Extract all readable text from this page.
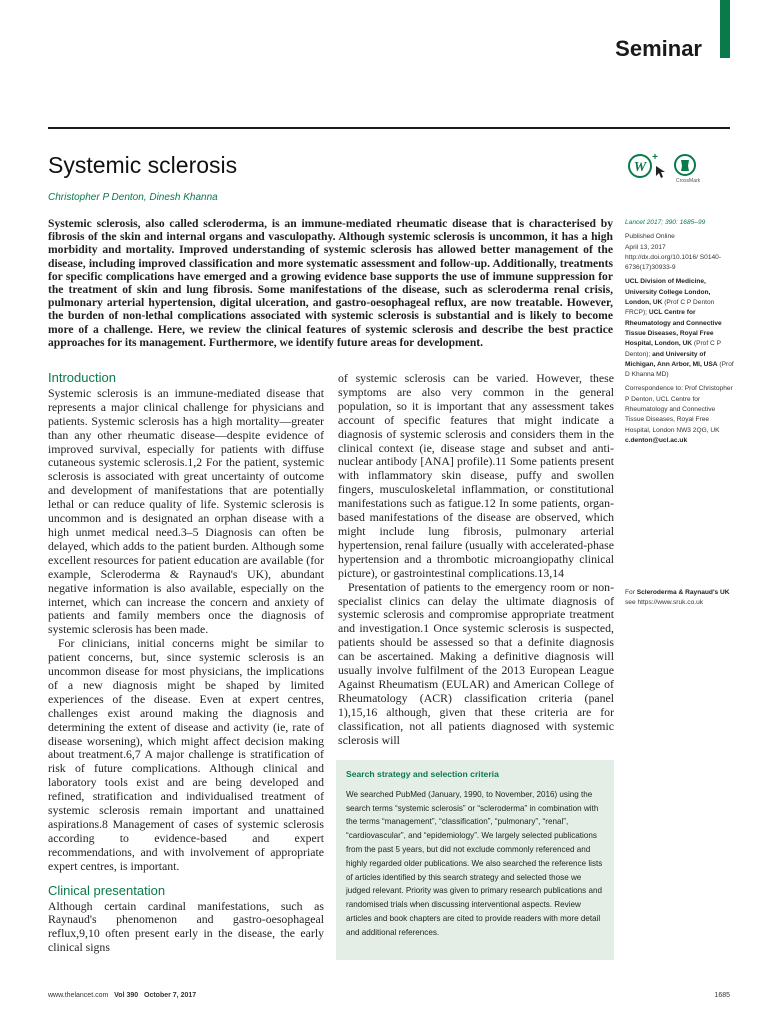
Seminar
Systemic sclerosis
Christopher P Denton, Dinesh Khanna
W
+
CrossMark
Systemic sclerosis, also called scleroderma, is an immune-mediated rheumatic disease that is characterised by fibrosis of the skin and internal organs and vasculopathy. Although systemic sclerosis is uncommon, it has a high morbidity and mortality. Improved understanding of systemic sclerosis has allowed better management of the disease, including improved classification and more systematic assessment and follow-up. Additionally, treatments for specific complications have emerged and a growing evidence base supports the use of immune suppression for the treatment of skin and lung fibrosis. Some manifestations of the disease, such as scleroderma renal crisis, pulmonary arterial hypertension, digital ulceration, and gastro-oesophageal reflux, are now treatable. However, the burden of non-lethal complications associated with systemic sclerosis is substantial and is likely to become more of a challenge. Here, we review the clinical features of systemic sclerosis and describe the best practice approaches for its management. Furthermore, we identify future areas for development.
Introduction

Systemic sclerosis is an immune-mediated disease that represents a major clinical challenge for physicians and patients. Systemic sclerosis has a high mortality—greater than any other rheumatic disease—despite evidence of improved survival, especially for patients with diffuse cutaneous systemic sclerosis.1,2 For the patient, systemic sclerosis is associated with great uncertainty of outcome and development of manifestations that are potentially lethal or can reduce quality of life. Systemic sclerosis is uncommon and is designated an orphan disease with a high unmet medical need.3–5 Diagnosis can often be delayed, which adds to the patient burden. Although some excellent resources for patient education are available (for example, Scleroderma & Raynaud's UK), abundant negative information is also available, especially on the internet, which can increase the concern and anxiety of patients and family members once the diagnosis of systemic sclerosis has been made.

For clinicians, initial concerns might be similar to patient concerns, but, since systemic sclerosis is an uncommon disease for most physicians, the implications of a new diagnosis might be shaped by limited experiences of the disease. Even at expert centres, challenges exist around making the diagnosis and determining the extent of disease and activity (ie, rate of disease worsening), which might affect decision making about treatment.6,7 A major challenge is stratification of risk of future complications. Although clinical and laboratory tools exist and are being developed and refined, stratification and individualised treatment of systemic sclerosis remain important and unattained aspirations.8 Management of cases of systemic sclerosis according to evidence-based and expert recommendations, and with involvement of appropriate expert centres, is important.

Clinical presentation

Although certain cardinal manifestations, such as Raynaud's phenomenon and gastro-oesophageal reflux,9,10 often present early in the disease, the early clinical signs

of systemic sclerosis can be varied. However, these symptoms are also very common in the general population, so it is important that any assessment takes account of specific features that might indicate a diagnosis of systemic sclerosis and considers them in the clinical context (ie, disease stage and subset and anti-nuclear antibody [ANA] profile).11 Some patients present with inflammatory skin disease, puffy and swollen fingers, musculoskeletal inflammation, or constitutional manifestations such as fatigue.12 In some patients, organ-based manifestations of the disease are observed, which might include lung fibrosis, pulmonary arterial hypertension, renal failure (usually with accelerated-phase hypertension and a thrombotic microangiopathy clinical picture), or gastrointestinal complications.13,14

Presentation of patients to the emergency room or non-specialist clinics can delay the ultimate diagnosis of systemic sclerosis and compromise appropriate treatment and investigation.1 Once systemic sclerosis is suspected, patients should be assessed so that a definite diagnosis can be ascertained. Making a definitive diagnosis will usually involve fulfilment of the 2013 European League Against Rheumatism (EULAR) and American College of Rheumatology (ACR) classification criteria (panel 1),15,16 although, given that these criteria are for classification, not all patients diagnosed with systemic sclerosis will

Search strategy and selection criteria

We searched PubMed (January, 1990, to November, 2016) using the search terms “systemic sclerosis” or “scleroderma” in combination with the terms “management”, “classification”, “pulmonary”, “renal”, “cardiovascular”, and “epidemiology”. We largely selected publications from the past 5 years, but did not exclude commonly referenced and highly regarded older publications. We also searched the reference lists of articles identified by this search strategy and selected those we judged relevant. Priority was given to primary research publications and randomised trials when discussing interventional aspects. Review articles and book chapters are cited to provide readers with more detail and additional references.

Lancet 2017; 390: 1685–99

Published Online
April 13, 2017
http://dx.doi.org/10.1016/ S0140-6736(17)30933-9

UCL Division of Medicine, University College London, London, UK (Prof C P Denton FRCP); UCL Centre for Rheumatology and Connective Tissue Diseases, Royal Free Hospital, London, UK (Prof C P Denton); and University of Michigan, Ann Arbor, MI, USA (Prof D Khanna MD)

Correspondence to: Prof Christopher P Denton, UCL Centre for Rheumatology and Connective Tissue Diseases, Royal Free Hospital, London NW3 2QG, UK
c.denton@ucl.ac.uk

For Scleroderma & Raynaud's UK see https://www.sruk.co.uk
www.thelancet.com Vol 390 October 7, 2017	1685
